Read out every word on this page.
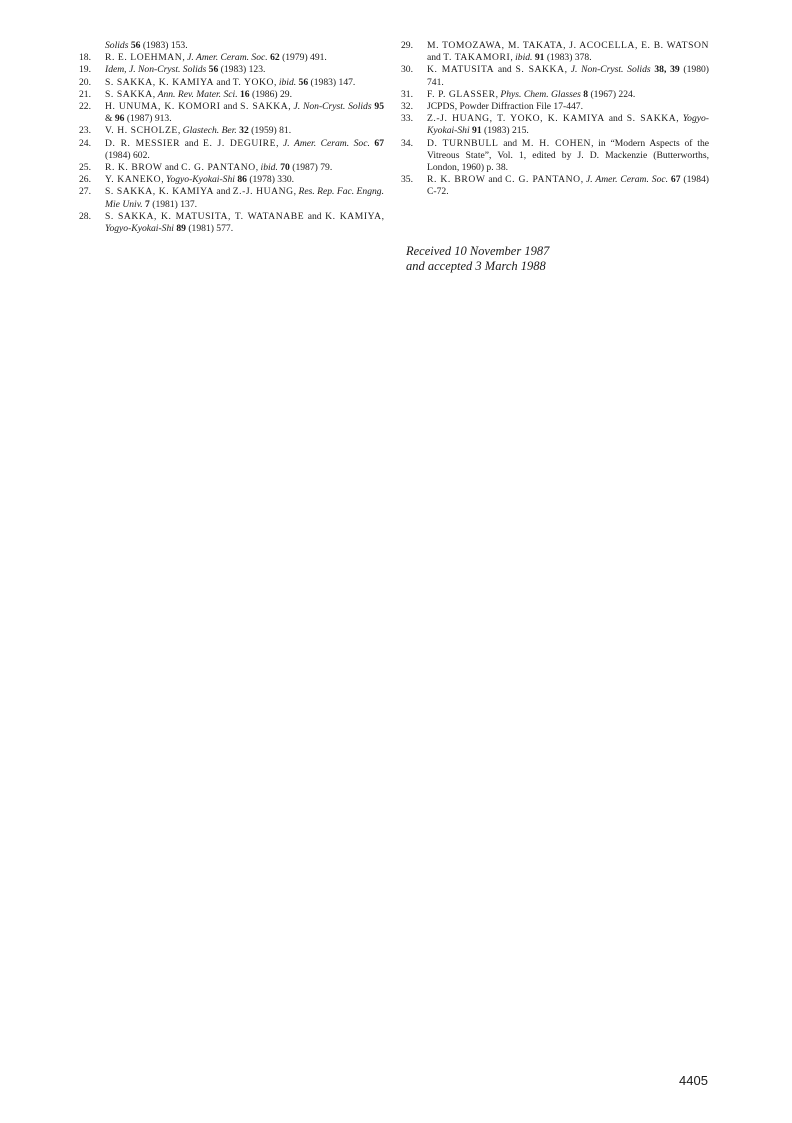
Solids 56 (1983) 153.

18. R. E. LOEHMAN, J. Amer. Ceram. Soc. 62 (1979) 491.

19. Idem, J. Non-Cryst. Solids 56 (1983) 123.

20. S. SAKKA, K. KAMIYA and T. YOKO, ibid. 56 (1983) 147.

21. S. SAKKA, Ann. Rev. Mater. Sci. 16 (1986) 29.

22. H. UNUMA, K. KOMORI and S. SAKKA, J. Non-Cryst. Solids 95 & 96 (1987) 913.

23. V. H. SCHOLZE, Glastech. Ber. 32 (1959) 81.

24. D. R. MESSIER and E. J. DEGUIRE, J. Amer. Ceram. Soc. 67 (1984) 602.

25. R. K. BROW and C. G. PANTANO, ibid. 70 (1987) 79.

26. Y. KANEKO, Yogyo-Kyokai-Shi 86 (1978) 330.

27. S. SAKKA, K. KAMIYA and Z.-J. HUANG, Res. Rep. Fac. Engng. Mie Univ. 7 (1981) 137.

28. S. SAKKA, K. MATUSITA, T. WATANABE and K. KAMIYA, Yogyo-Kyokai-Shi 89 (1981) 577.

29. M. TOMOZAWA, M. TAKATA, J. ACOCELLA, E. B. WATSON and T. TAKAMORI, ibid. 91 (1983) 378.

30. K. MATUSITA and S. SAKKA, J. Non-Cryst. Solids 38, 39 (1980) 741.

31. F. P. GLASSER, Phys. Chem. Glasses 8 (1967) 224.

32. JCPDS, Powder Diffraction File 17-447.

33. Z.-J. HUANG, T. YOKO, K. KAMIYA and S. SAKKA, Yogyo-Kyokai-Shi 91 (1983) 215.

34. D. TURNBULL and M. H. COHEN, in “Modern Aspects of the Vitreous State”, Vol. 1, edited by J. D. Mackenzie (Butterworths, London, 1960) p. 38.

35. R. K. BROW and C. G. PANTANO, J. Amer. Ceram. Soc. 67 (1984) C-72.

Received 10 November 1987
and accepted 3 March 1988
4405
